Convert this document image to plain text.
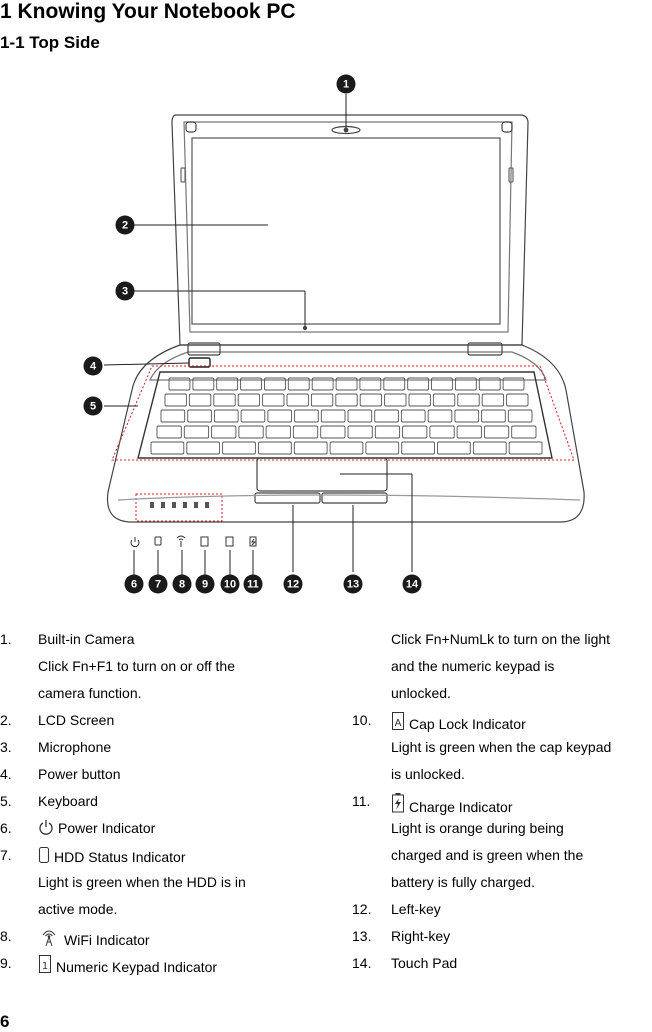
1 Knowing Your Notebook PC
1-1 Top Side
1
2
3
4
5
6 7 8 9 10 11	12	13	14
1. Built-in Camera
Click Fn+F1 to turn on or off the
camera function.
2. LCD Screen
3. Microphone
4. Power button
5. Keyboard
6.	Power Indicator
7.	HDD Status Indicator
Light is green when the HDD is in
active mode.
8.	WiFi Indicator
9.	1 Numeric Keypad Indicator
Click Fn+NumLk to turn on the light
and the numeric keypad is
unlocked.
10. A Cap Lock Indicator
Light is green when the cap keypad
is unlocked.
11.	Charge Indicator
Light is orange during being
charged and is green when the
battery is fully charged.
12. Left-key
13. Right-key
14. Touch Pad
6
